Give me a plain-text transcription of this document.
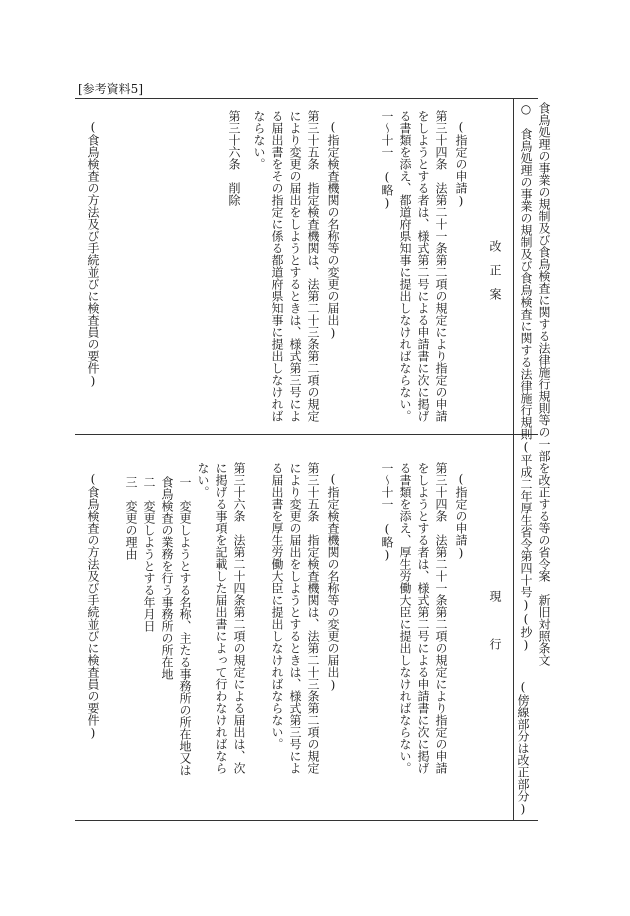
[参考資料5]
食鳥処理の事業の規制及び食鳥検査に関する法律施行規則等の一部を改正する等の省令案　新旧対照条文
○　食鳥処理の事業の規制及び食鳥検査に関する法律施行規則(平成二年厚生省令第四十号)(抄)
(傍線部分は改正部分)
改　正　案
現　　　行
(指定の申請)
第三十四条　法第二十一条第二項の規定により指定の申請をしようとする者は、様式第二号による申請書に次に掲げる書類を添え、都道府県知事に提出しなければならない。
一～十一　(略)
(指定検査機関の名称等の変更の届出)
第三十五条　指定検査機関は、法第二十三条第二項の規定により変更の届出をしようとするときは、様式第三号による届出書をその指定に係る都道府県知事に提出しなければならない。
第三十六条　削除
(食鳥検査の方法及び手続並びに検査員の要件)
(指定の申請)
第三十四条　法第二十一条第二項の規定により指定の申請をしようとする者は、様式第二号による申請書に次に掲げる書類を添え、厚生労働大臣に提出しなければならない。
一～十一　(略)
(指定検査機関の名称等の変更の届出)
第三十五条　指定検査機関は、法第二十三条第二項の規定により変更の届出をしようとするときは、様式第三号による届出書を厚生労働大臣に提出しなければならない。
第三十六条　法第二十四条第二項の規定による届出は、次に掲げる事項を記載した届出書によって行わなければならない。
一　変更しようとする名称、主たる事務所の所在地又は食鳥検査の業務を行う事務所の所在地
二　変更しようとする年月日
三　変更の理由
(食鳥検査の方法及び手続並びに検査員の要件)
